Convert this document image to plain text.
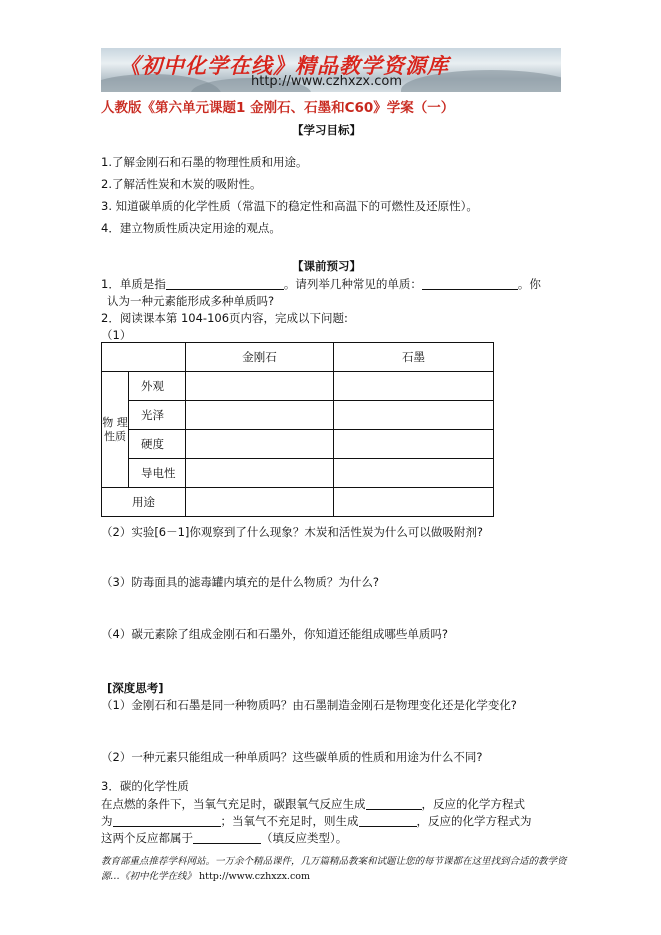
《初中化学在线》精品教学资源库
http://www.czhxzx.com
人教版《第六单元课题1 金刚石、石墨和C60》学案（一）
【学习目标】
1.了解金刚石和石墨的物理性质和用途。
2.了解活性炭和木炭的吸附性。
3. 知道碳单质的化学性质（常温下的稳定性和高温下的可燃性及还原性）。
4．建立物质性质决定用途的观点。
【课前预习】
1．单质是指	。请列举几种常见的单质：	。你
认为一种元素能形成多种单质吗?
2．阅读课本第 104-106页内容，完成以下问题:
（1）
		金刚石	石墨
物 理 性质	外观		
	光泽		
	硬度		
	导电性		
用途			
（2）实验[6－1]你观察到了什么现象？木炭和活性炭为什么可以做吸附剂?
（3）防毒面具的滤毒罐内填充的是什么物质？为什么?
（4）碳元素除了组成金刚石和石墨外，你知道还能组成哪些单质吗?
[深度思考]
（1）金刚石和石墨是同一种物质吗？由石墨制造金刚石是物理变化还是化学变化?
（2）一种元素只能组成一种单质吗？这些碳单质的性质和用途为什么不同?
3．碳的化学性质
在点燃的条件下，当氧气充足时，碳跟氧气反应生成	，反应的化学方程式
为	；当氧气不充足时，则生成	，反应的化学方程式为
这两个反应都属于	（填反应类型）。
教育部重点推荐学科网站。一万余个精品课件，几万篇精品教案和试题让您的每节课都在这里找到合适的教学资源…《初中化学在线》 http://www.czhxzx.com
